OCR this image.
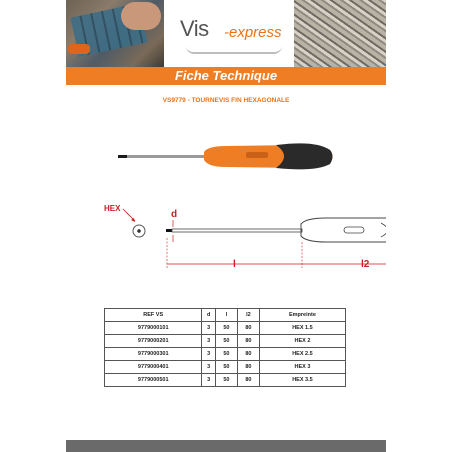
Vis -express
Fiche Technique
VS9779 - TOURNEVIS FIN HEXAGONALE
HEX
d
l	l2
REF VS	d	l	l2	Empreinte
9779000101	3	50	80	HEX 1.5
9779000201	3	50	80	HEX 2
9779000301	3	50	80	HEX 2.5
9779000401	3	50	80	HEX 3
9779000501	3	50	80	HEX 3.5
